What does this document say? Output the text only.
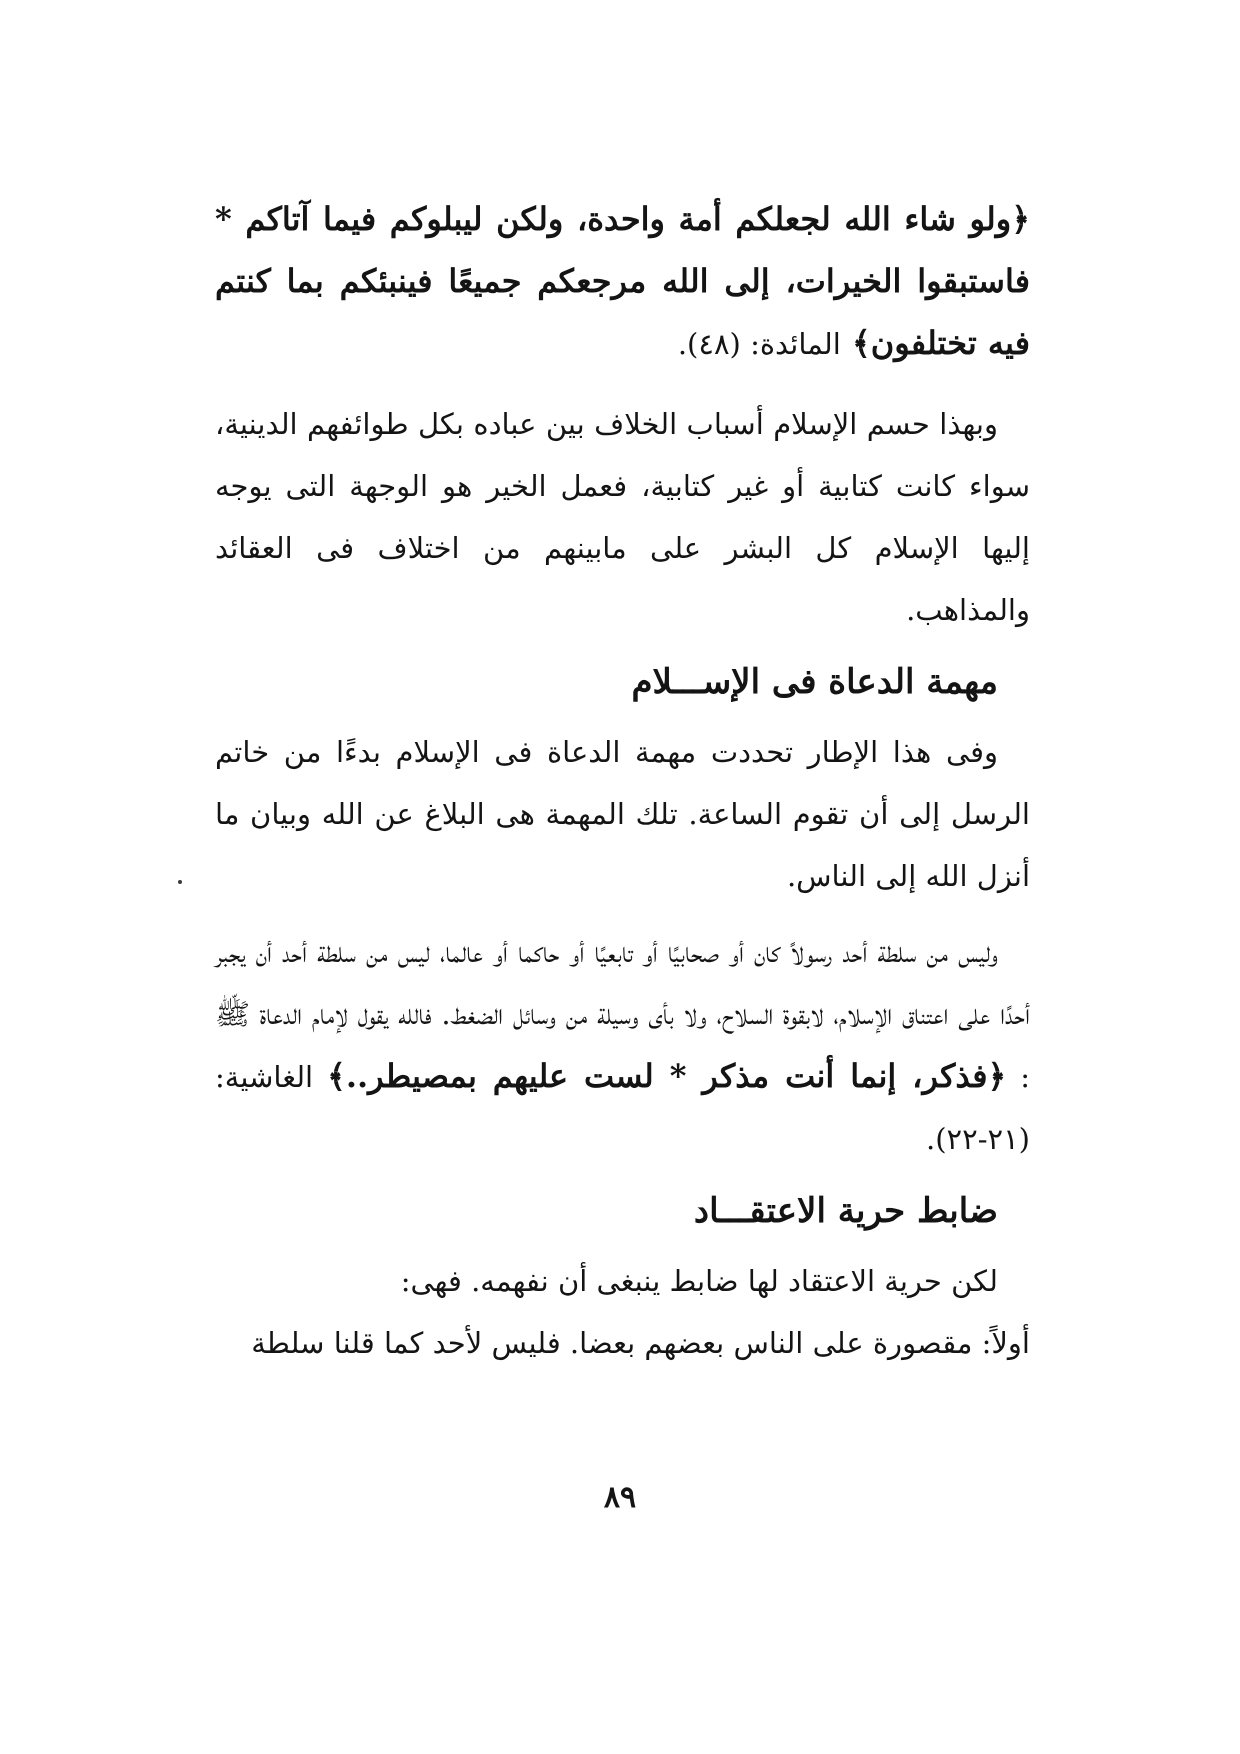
﴿ولو شاء الله لجعلكم أمة واحدة، ولكن ليبلوكم فيما آتاكم * فاستبقوا الخيرات، إلى الله مرجعكم جميعًا فينبئكم بما كنتم فيه تختلفون﴾ المائدة: (٤٨).

وبهذا حسم الإسلام أسباب الخلاف بين عباده بكل طوائفهم الدينية، سواء كانت كتابية أو غير كتابية، فعمل الخير هو الوجهة التى يوجه إليها الإسلام كل البشر على مابينهم من اختلاف فى العقائد والمذاهب.

مهمة الدعاة فى الإســـلام

وفى هذا الإطار تحددت مهمة الدعاة فى الإسلام بدءًا من خاتم الرسل إلى أن تقوم الساعة. تلك المهمة هى البلاغ عن الله وبيان ما أنزل الله إلى الناس.

وليس من سلطة أحد رسولاً كان أو صحابيًا أو تابعيًا أو حاكما أو عالما، ليس من سلطة أحد أن يجبر أحدًا على اعتناق الإسلام، لابقوة السلاح، ولا بأى وسيلة من وسائل الضغط. فالله يقول لإمام الدعاة ﷺ : ﴿فذكر، إنما أنت مذكر * لست عليهم بمصيطر..﴾ الغاشية:(٢١-٢٢).

ضابط حرية الاعتقـــاد

لكن حرية الاعتقاد لها ضابط ينبغى أن نفهمه. فهى:

أولاً: مقصورة على الناس بعضهم بعضا. فليس لأحد كما قلنا سلطة

٨٩
